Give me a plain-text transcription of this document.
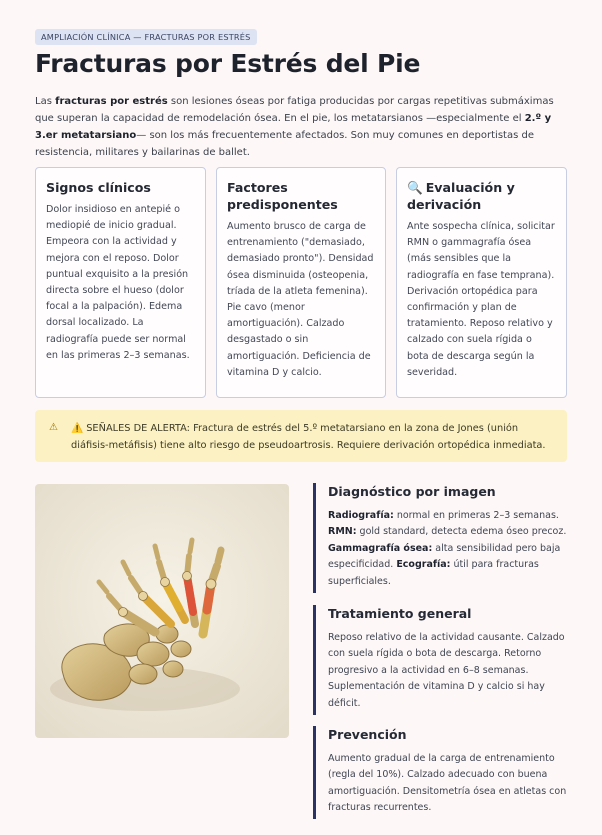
AMPLIACIÓN CLÍNICA — FRACTURAS POR ESTRÉS
Fracturas por Estrés del Pie

Las fracturas por estrés son lesiones óseas por fatiga producidas por cargas repetitivas submáximas que superan la capacidad de remodelación ósea. En el pie, los metatarsianos —especialmente el 2.º y 3.er metatarsiano— son los más frecuentemente afectados. Son muy comunes en deportistas de resistencia, militares y bailarinas de ballet.

Signos clínicos

Dolor insidioso en antepié o mediopié de inicio gradual. Empeora con la actividad y mejora con el reposo. Dolor puntual exquisito a la presión directa sobre el hueso (dolor focal a la palpación). Edema dorsal localizado. La radiografía puede ser normal en las primeras 2–3 semanas.

Factores predisponentes

Aumento brusco de carga de entrenamiento ("demasiado, demasiado pronto"). Densidad ósea disminuida (osteopenia, tríada de la atleta femenina). Pie cavo (menor amortiguación). Calzado desgastado o sin amortiguación. Deficiencia de vitamina D y calcio.

🔍 Evaluación y derivación

Ante sospecha clínica, solicitar RMN o gammagrafía ósea (más sensibles que la radiografía en fase temprana). Derivación ortopédica para confirmación y plan de tratamiento. Reposo relativo y calzado con suela rígida o bota de descarga según la severidad.

⚠	⚠️ SEÑALES DE ALERTA: Fractura de estrés del 5.º metatarsiano en la zona de Jones (unión diáfisis-metáfisis) tiene alto riesgo de pseudoartrosis. Requiere derivación ortopédica inmediata.

Diagnóstico por imagen

Radiografía: normal en primeras 2–3 semanas. RMN: gold standard, detecta edema óseo precoz. Gammagrafía ósea: alta sensibilidad pero baja especificidad. Ecografía: útil para fracturas superficiales.

Tratamiento general

Reposo relativo de la actividad causante. Calzado con suela rígida o bota de descarga. Retorno progresivo a la actividad en 6–8 semanas. Suplementación de vitamina D y calcio si hay déficit.

Prevención

Aumento gradual de la carga de entrenamiento (regla del 10%). Calzado adecuado con buena amortiguación. Densitometría ósea en atletas con fracturas recurrentes.
